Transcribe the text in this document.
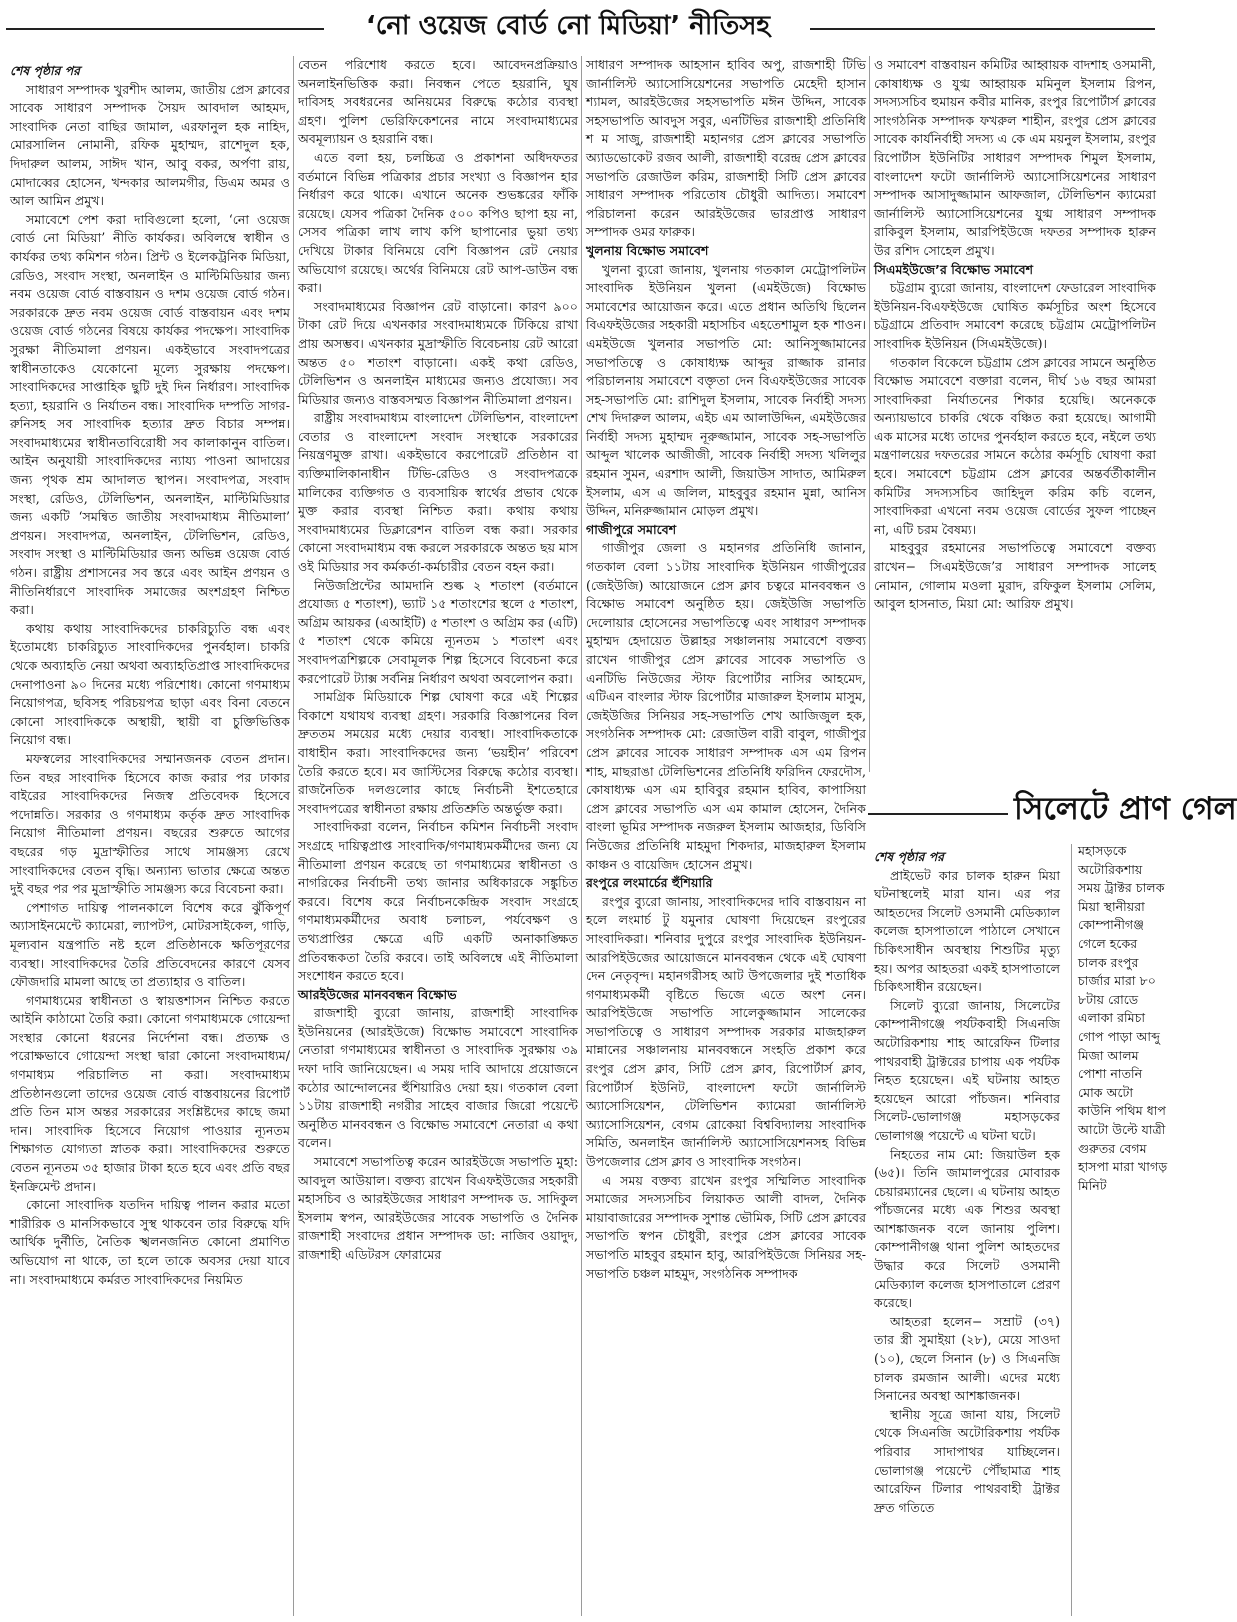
‘নো ওয়েজ বোর্ড নো মিডিয়া’ নীতিসহ

শেষ পৃষ্ঠার পর

সাধারণ সম্পাদক খুরশীদ আলম, জাতীয় প্রেস ক্লাবের সাবেক সাধারণ সম্পাদক সৈয়দ আবদাল আহমদ, সাংবাদিক নেতা বাছির জামাল, এরফানুল হক নাহিদ, মোরসালিন নোমানী, রফিক মুহাম্মদ, রাশেদুল হক, দিদারুল আলম, সাঈদ খান, আবু বকর, অর্পণা রায়, মোদাব্বের হোসেন, খন্দকার আলমগীর, ডিএম অমর ও আল আমিন প্রমুখ।

সমাবেশে পেশ করা দাবিগুলো হলো, ‘নো ওয়েজ বোর্ড নো মিডিয়া’ নীতি কার্যকর। অবিলম্বে স্বাধীন ও কার্যকর তথ্য কমিশন গঠন। প্রিন্ট ও ইলেকট্রনিক মিডিয়া, রেডিও, সংবাদ সংস্থা, অনলাইন ও মাল্টিমিডিয়ার জন্য নবম ওয়েজ বোর্ড বাস্তবায়ন ও দশম ওয়েজ বোর্ড গঠন। সরকারকে দ্রুত নবম ওয়েজ বোর্ড বাস্তবায়ন এবং দশম ওয়েজ বোর্ড গঠনের বিষয়ে কার্যকর পদক্ষেপ। সাংবাদিক সুরক্ষা নীতিমালা প্রণয়ন। একইভাবে সংবাদপত্রের স্বাধীনতাকেও যেকোনো মূল্যে সুরক্ষায় পদক্ষেপ। সাংবাদিকদের সাপ্তাহিক ছুটি দুই দিন নির্ধারণ। সাংবাদিক হত্যা, হয়রানি ও নির্যাতন বন্ধ। সাংবাদিক দম্পতি সাগর-রুনিসহ সব সাংবাদিক হত্যার দ্রুত বিচার সম্পন্ন। সংবাদমাধ্যমের স্বাধীনতাবিরোধী সব কালাকানুন বাতিল। আইন অনুযায়ী সাংবাদিকদের ন্যায্য পাওনা আদায়ের জন্য পৃথক শ্রম আদালত স্থাপন। সংবাদপত্র, সংবাদ সংস্থা, রেডিও, টেলিভিশন, অনলাইন, মাল্টিমিডিয়ার জন্য একটি ‘সমন্বিত জাতীয় সংবাদমাধ্যম নীতিমালা’ প্রণয়ন। সংবাদপত্র, অনলাইন, টেলিভিশন, রেডিও, সংবাদ সংস্থা ও মাল্টিমিডিয়ার জন্য অভিন্ন ওয়েজ বোর্ড গঠন। রাষ্ট্রীয় প্রশাসনের সব স্তরে এবং আইন প্রণয়ন ও নীতিনির্ধারণে সাংবাদিক সমাজের অংশগ্রহণ নিশ্চিত করা।

কথায় কথায় সাংবাদিকদের চাকরিচ্যুতি বন্ধ এবং ইতোমধ্যে চাকরিচ্যুত সাংবাদিকদের পুনর্বহাল। চাকরি থেকে অব্যাহতি নেয়া অথবা অব্যাহতিপ্রাপ্ত সাংবাদিকদের দেনাপাওনা ৯০ দিনের মধ্যে পরিশোধ। কোনো গণমাধ্যম নিয়োগপত্র, ছবিসহ পরিচয়পত্র ছাড়া এবং বিনা বেতনে কোনো সাংবাদিককে অস্থায়ী, স্থায়ী বা চুক্তিভিত্তিক নিয়োগ বন্ধ।

মফস্বলের সাংবাদিকদের সম্মানজনক বেতন প্রদান। তিন বছর সাংবাদিক হিসেবে কাজ করার পর ঢাকার বাইরের সাংবাদিকদের নিজস্ব প্রতিবেদক হিসেবে পদোন্নতি। সরকার ও গণমাধ্যম কর্তৃক দ্রুত সাংবাদিক নিয়োগ নীতিমালা প্রণয়ন। বছরের শুরুতে আগের বছরের গড় মুদ্রাস্ফীতির সাথে সামঞ্জস্য রেখে সাংবাদিকদের বেতন বৃদ্ধি। অন্যান্য ভাতার ক্ষেত্রে অন্তত দুই বছর পর পর মুদ্রাস্ফীতি সামঞ্জস্য করে বিবেচনা করা।

পেশাগত দায়িত্ব পালনকালে বিশেষ করে ঝুঁকিপূর্ণ অ্যাসাইনমেন্টে ক্যামেরা, ল্যাপটপ, মোটরসাইকেল, গাড়ি, মূল্যবান যন্ত্রপাতি নষ্ট হলে প্রতিষ্ঠানকে ক্ষতিপূরণের ব্যবস্থা। সাংবাদিকদের তৈরি প্রতিবেদনের কারণে যেসব ফৌজদারি মামলা আছে তা প্রত্যাহার ও বাতিল।

গণমাধ্যমের স্বাধীনতা ও স্বায়ত্তশাসন নিশ্চিত করতে আইনি কাঠামো তৈরি করা। কোনো গণমাধ্যমকে গোয়েন্দা সংস্থার কোনো ধরনের নির্দেশনা বন্ধ। প্রত্যক্ষ ও পরোক্ষভাবে গোয়েন্দা সংস্থা দ্বারা কোনো সংবাদমাধ্যম/গণমাধ্যম পরিচালিত না করা। সংবাদমাধ্যম প্রতিষ্ঠানগুলো তাদের ওয়েজ বোর্ড বাস্তবায়নের রিপোর্ট প্রতি তিন মাস অন্তর সরকারের সংশ্লিষ্টদের কাছে জমা দান। সাংবাদিক হিসেবে নিয়োগ পাওয়ার ন্যূনতম শিক্ষাগত যোগ্যতা স্নাতক করা। সাংবাদিকদের শুরুতে বেতন ন্যূনতম ৩৫ হাজার টাকা হতে হবে এবং প্রতি বছর ইনক্রিমেন্ট প্রদান।

কোনো সাংবাদিক যতদিন দায়িত্ব পালন করার মতো শারীরিক ও মানসিকভাবে সুস্থ থাকবেন তার বিরুদ্ধে যদি আর্থিক দুর্নীতি, নৈতিক স্খলনজনিত কোনো প্রমাণিত অভিযোগ না থাকে, তা হলে তাকে অবসর দেয়া যাবে না। সংবাদমাধ্যমে কর্মরত সাংবাদিকদের নিয়মিত

বেতন পরিশোধ করতে হবে। আবেদনপ্রক্রিয়াও অনলাইনভিত্তিক করা। নিবন্ধন পেতে হয়রানি, ঘুষ দাবিসহ সবধরনের অনিয়মের বিরুদ্ধে কঠোর ব্যবস্থা গ্রহণ। পুলিশ ভেরিফিকেশনের নামে সংবাদমাধ্যমের অবমূল্যায়ন ও হয়রানি বন্ধ।

এতে বলা হয়, চলচ্চিত্র ও প্রকাশনা অধিদফতর বর্তমানে বিভিন্ন পত্রিকার প্রচার সংখ্যা ও বিজ্ঞাপন হার নির্ধারণ করে থাকে। এখানে অনেক শুভঙ্করের ফাঁকি রয়েছে। যেসব পত্রিকা দৈনিক ৫০০ কপিও ছাপা হয় না, সেসব পত্রিকা লাখ লাখ কপি ছাপানোর ভুয়া তথ্য দেখিয়ে টাকার বিনিময়ে বেশি বিজ্ঞাপন রেট নেয়ার অভিযোগ রয়েছে। অর্থের বিনিময়ে রেট আপ-ডাউন বন্ধ করা।

সংবাদমাধ্যমের বিজ্ঞাপন রেট বাড়ানো। কারণ ৯০০ টাকা রেট দিয়ে এখনকার সংবাদমাধ্যমকে টিকিয়ে রাখা প্রায় অসম্ভব। এখনকার মুদ্রাস্ফীতি বিবেচনায় রেট আরো অন্তত ৫০ শতাংশ বাড়ানো। একই কথা রেডিও, টেলিভিশন ও অনলাইন মাধ্যমের জন্যও প্রযোজ্য। সব মিডিয়ার জন্যও বাস্তবসম্মত বিজ্ঞাপন নীতিমালা প্রণয়ন।

রাষ্ট্রীয় সংবাদমাধ্যম বাংলাদেশ টেলিভিশন, বাংলাদেশ বেতার ও বাংলাদেশ সংবাদ সংস্থাকে সরকারের নিয়ন্ত্রণমুক্ত রাখা। একইভাবে করপোরেট প্রতিষ্ঠান বা ব্যক্তিমালিকানাধীন টিভি-রেডিও ও সংবাদপত্রকে মালিকের ব্যক্তিগত ও ব্যবসায়িক স্বার্থের প্রভাব থেকে মুক্ত করার ব্যবস্থা নিশ্চিত করা। কথায় কথায় সংবাদমাধ্যমের ডিক্লারেশন বাতিল বন্ধ করা। সরকার কোনো সংবাদমাধ্যম বন্ধ করলে সরকারকে অন্তত ছয় মাস ওই মিডিয়ার সব কর্মকর্তা-কর্মচারীর বেতন বহন করা।

নিউজপ্রিন্টের আমদানি শুল্ক ২ শতাংশ (বর্তমানে প্রযোজ্য ৫ শতাংশ), ভ্যাট ১৫ শতাংশের স্থলে ৫ শতাংশ, অগ্রিম আয়কর (এআইটি) ৫ শতাংশ ও অগ্রিম কর (এটি) ৫ শতাংশ থেকে কমিয়ে ন্যূনতম ১ শতাংশ এবং সংবাদপত্রশিল্পকে সেবামূলক শিল্প হিসেবে বিবেচনা করে করপোরেট ট্যাক্স সর্বনিম্ন নির্ধারণ অথবা অবলোপন করা।

সামগ্রিক মিডিয়াকে শিল্প ঘোষণা করে এই শিল্পের বিকাশে যথাযথ ব্যবস্থা গ্রহণ। সরকারি বিজ্ঞাপনের বিল দ্রুততম সময়ের মধ্যে দেয়ার ব্যবস্থা। সাংবাদিকতাকে বাধাহীন করা। সাংবাদিকদের জন্য ‘ভয়হীন’ পরিবেশ তৈরি করতে হবে। মব জাস্টিসের বিরুদ্ধে কঠোর ব্যবস্থা। রাজনৈতিক দলগুলোর কাছে নির্বাচনী ইশতেহারে সংবাদপত্রের স্বাধীনতা রক্ষায় প্রতিশ্রুতি অন্তর্ভুক্ত করা।

সাংবাদিকরা বলেন, নির্বাচন কমিশন নির্বাচনী সংবাদ সংগ্রহে দায়িত্বপ্রাপ্ত সাংবাদিক/গণমাধ্যমকর্মীদের জন্য যে নীতিমালা প্রণয়ন করেছে তা গণমাধ্যমের স্বাধীনতা ও নাগরিকের নির্বাচনী তথ্য জানার অধিকারকে সঙ্কুচিত করবে। বিশেষ করে নির্বাচনকেন্দ্রিক সংবাদ সংগ্রহে গণমাধ্যমকর্মীদের অবাধ চলাচল, পর্যবেক্ষণ ও তথ্যপ্রাপ্তির ক্ষেত্রে এটি একটি অনাকাঙ্ক্ষিত প্রতিবন্ধকতা তৈরি করবে। তাই অবিলম্বে এই নীতিমালা সংশোধন করতে হবে।

আরইউজের মানববন্ধন বিক্ষোভ

রাজশাহী ব্যুরো জানায়, রাজশাহী সাংবাদিক ইউনিয়নের (আরইউজে) বিক্ষোভ সমাবেশে সাংবাদিক নেতারা গণমাধ্যমের স্বাধীনতা ও সাংবাদিক সুরক্ষায় ৩৯ দফা দাবি জানিয়েছেন। এ সময় দাবি আদায়ে প্রয়োজনে কঠোর আন্দোলনের হুঁশিয়ারিও দেয়া হয়। গতকাল বেলা ১১টায় রাজশাহী নগরীর সাহেব বাজার জিরো পয়েন্টে অনুষ্ঠিত মানববন্ধন ও বিক্ষোভ সমাবেশে নেতারা এ কথা বলেন।

সমাবেশে সভাপতিত্ব করেন আরইউজে সভাপতি মুহা: আবদুল আউয়াল। বক্তব্য রাখেন বিএফইউজের সহকারী মহাসচিব ও আরইউজের সাধারণ সম্পাদক ড. সাদিকুল ইসলাম স্বপন, আরইউজের সাবেক সভাপতি ও দৈনিক রাজশাহী সংবাদের প্রধান সম্পাদক ডা: নাজিব ওয়াদুদ, রাজশাহী এডিটরস ফোরামের

সাধারণ সম্পাদক আহসান হাবিব অপু, রাজশাহী টিভি জার্নালিস্ট অ্যাসোসিয়েশনের সভাপতি মেহেদী হাসান শ্যামল, আরইউজের সহসভাপতি মঈন উদ্দিন, সাবেক সহসভাপতি আবদুস সবুর, এনটিভির রাজশাহী প্রতিনিধি শ ম সাজু, রাজশাহী মহানগর প্রেস ক্লাবের সভাপতি অ্যাডভোকেট রজব আলী, রাজশাহী বরেন্দ্র প্রেস ক্লাবের সভাপতি রেজাউল করিম, রাজশাহী সিটি প্রেস ক্লাবের সাধারণ সম্পাদক পরিতোষ চৌধুরী আদিত্য। সমাবেশ পরিচালনা করেন আরইউজের ভারপ্রাপ্ত সাধারণ সম্পাদক ওমর ফারুক।

খুলনায় বিক্ষোভ সমাবেশ

খুলনা ব্যুরো জানায়, খুলনায় গতকাল মেট্রোপলিটন সাংবাদিক ইউনিয়ন খুলনা (এমইউজে) বিক্ষোভ সমাবেশের আয়োজন করে। এতে প্রধান অতিথি ছিলেন বিএফইউজের সহকারী মহাসচিব এহতেশামুল হক শাওন। এমইউজে খুলনার সভাপতি মো: আনিসুজ্জামানের সভাপতিত্বে ও কোষাধ্যক্ষ আব্দুর রাজ্জাক রানার পরিচালনায় সমাবেশে বক্তৃতা দেন বিএফইউজের সাবেক সহ-সভাপতি মো: রাশিদুল ইসলাম, সাবেক নির্বাহী সদস্য শেখ দিদারুল আলম, এইচ এম আলাউদ্দিন, এমইউজের নির্বাহী সদস্য মুহাম্মদ নূরুজ্জামান, সাবেক সহ-সভাপতি আব্দুল খালেক আজীজী, সাবেক নির্বাহী সদস্য খলিলুর রহমান সুমন, এরশাদ আলী, জিয়াউস সাদাত, আমিরুল ইসলাম, এস এ জলিল, মাহবুবুর রহমান মুন্না, আনিস উদ্দিন, মনিরুজ্জামান মোড়ল প্রমুখ।

গাজীপুরে সমাবেশ

গাজীপুর জেলা ও মহানগর প্রতিনিধি জানান, গতকাল বেলা ১১টায় সাংবাদিক ইউনিয়ন গাজীপুরের (জেইউজি) আয়োজনে প্রেস ক্লাব চত্বরে মানববন্ধন ও বিক্ষোভ সমাবেশ অনুষ্ঠিত হয়। জেইউজি সভাপতি দেলোয়ার হোসেনের সভাপতিত্বে এবং সাধারণ সম্পাদক মুহাম্মদ হেদায়েত উল্লাহর সঞ্চালনায় সমাবেশে বক্তব্য রাখেন গাজীপুর প্রেস ক্লাবের সাবেক সভাপতি ও এনটিভি নিউজের স্টাফ রিপোর্টার নাসির আহমেদ, এটিএন বাংলার স্টাফ রিপোর্টার মাজারুল ইসলাম মাসুম, জেইউজির সিনিয়র সহ-সভাপতি শেখ আজিজুল হক, সংগঠনিক সম্পাদক মো: রেজাউল বারী বাবুল, গাজীপুর প্রেস ক্লাবের সাবেক সাধারণ সম্পাদক এস এম রিপন শাহ, মাছরাঙা টেলিভিশনের প্রতিনিধি ফরিদিন ফেরদৌস, কোষাধ্যক্ষ এস এম হাবিবুর রহমান হাবিব, কাপাসিয়া প্রেস ক্লাবের সভাপতি এস এম কামাল হোসেন, দৈনিক বাংলা ভূমির সম্পাদক নজরুল ইসলাম আজহার, ডিবিসি নিউজের প্রতিনিধি মাহমুদা শিকদার, মাজহারুল ইসলাম কাঞ্চন ও বায়েজিদ হোসেন প্রমুখ।

রংপুরে লংমার্চের হুঁশিয়ারি

রংপুর ব্যুরো জানায়, সাংবাদিকদের দাবি বাস্তবায়ন না হলে লংমার্চ টু যমুনার ঘোষণা দিয়েছেন রংপুরের সাংবাদিকরা। শনিবার দুপুরে রংপুর সাংবাদিক ইউনিয়ন-আরপিইউজের আয়োজনে মানববন্ধন থেকে এই ঘোষণা দেন নেতৃবৃন্দ। মহানগরীসহ আট উপজেলার দুই শতাধিক গণমাধ্যমকর্মী বৃষ্টিতে ভিজে এতে অংশ নেন। আরপিইউজে সভাপতি সালেকুজ্জামান সালেকের সভাপতিত্বে ও সাধারণ সম্পাদক সরকার মাজহারুল মান্নানের সঞ্চালনায় মানববন্ধনে সংহতি প্রকাশ করে রংপুর প্রেস ক্লাব, সিটি প্রেস ক্লাব, রিপোর্টার্স ক্লাব, রিপোর্টার্স ইউনিট, বাংলাদেশ ফটো জার্নালিস্ট অ্যাসোসিয়েশন, টেলিভিশন ক্যামেরা জার্নালিস্ট অ্যাসোসিয়েশন, বেগম রোকেয়া বিশ্ববিদ্যালয় সাংবাদিক সমিতি, অনলাইন জার্নালিস্ট অ্যাসোসিয়েশনসহ বিভিন্ন উপজেলার প্রেস ক্লাব ও সাংবাদিক সংগঠন।

এ সময় বক্তব্য রাখেন রংপুর সম্মিলিত সাংবাদিক সমাজের সদস্যসচিব লিয়াকত আলী বাদল, দৈনিক মায়াবাজারের সম্পাদক সুশান্ত ভৌমিক, সিটি প্রেস ক্লাবের সভাপতি স্বপন চৌধুরী, রংপুর প্রেস ক্লাবের সাবেক সভাপতি মাহবুব রহমান হাবু, আরপিইউজে সিনিয়র সহ-সভাপতি চঞ্চল মাহমুদ, সংগঠনিক সম্পাদক

ও সমাবেশ বাস্তবায়ন কমিটির আহ্বায়ক বাদশাহ ওসমানী, কোষাধ্যক্ষ ও যুগ্ম আহ্বায়ক মমিনুল ইসলাম রিপন, সদস্যসচিব হুমায়ন কবীর মানিক, রংপুর রিপোর্টার্স ক্লাবের সাংগঠনিক সম্পাদক ফখরুল শাহীন, রংপুর প্রেস ক্লাবের সাবেক কার্যনির্বাহী সদস্য এ কে এম ময়নুল ইসলাম, রংপুর রিপোর্টাস ইউনিটির সাধারণ সম্পাদক শিমুল ইসলাম, বাংলাদেশ ফটো জার্নালিস্ট অ্যাসোসিয়েশনের সাধারণ সম্পাদক আসাদুজ্জামান আফজাল, টেলিভিশন ক্যামেরা জার্নালিস্ট অ্যাসোসিয়েশনের যুগ্ম সাধারণ সম্পাদক রাকিবুল ইসলাম, আরপিইউজে দফতর সম্পাদক হারুন উর রশিদ সোহেল প্রমুখ।

সিএমইউজে’র বিক্ষোভ সমাবেশ

চট্টগ্রাম ব্যুরো জানায়, বাংলাদেশ ফেডারেল সাংবাদিক ইউনিয়ন-বিএফইউজে ঘোষিত কর্মসূচির অংশ হিসেবে চট্টগ্রামে প্রতিবাদ সমাবেশ করেছে চট্টগ্রাম মেট্রোপলিটন সাংবাদিক ইউনিয়ন (সিএমইউজে)।

গতকাল বিকেলে চট্টগ্রাম প্রেস ক্লাবের সামনে অনুষ্ঠিত বিক্ষোভ সমাবেশে বক্তারা বলেন, দীর্ঘ ১৬ বছর আমরা সাংবাদিকরা নির্যাতনের শিকার হয়েছি। অনেককে অন্যায়ভাবে চাকরি থেকে বঞ্চিত করা হয়েছে। আগামী এক মাসের মধ্যে তাদের পুনর্বহাল করতে হবে, নইলে তথ্য মন্ত্রণালয়ের দফতরের সামনে কঠোর কর্মসূচি ঘোষণা করা হবে। সমাবেশে চট্টগ্রাম প্রেস ক্লাবের অন্তর্বর্তীকালীন কমিটির সদস্যসচিব জাহিদুল করিম কচি বলেন, সাংবাদিকরা এখনো নবম ওয়েজ বোর্ডের সুফল পাচ্ছেন না, এটি চরম বৈষম্য।

মাহবুবুর রহমানের সভাপতিত্বে সমাবেশে বক্তব্য রাখেন− সিএমইউজে’র সাধারণ সম্পাদক সালেহ নোমান, গোলাম মওলা মুরাদ, রফিকুল ইসলাম সেলিম, আবুল হাসনাত, মিয়া মো: আরিফ প্রমুখ।

সিলেটে প্রাণ গেল

শেষ পৃষ্ঠার পর

প্রাইভেট কার চালক হারুন মিয়া ঘটনাস্থলেই মারা যান। এর পর আহতদের সিলেট ওসমানী মেডিক্যাল কলেজ হাসপাতালে পাঠালে সেখানে চিকিৎসাধীন অবস্থায় শিশুটির মৃত্যু হয়। অপর আহতরা একই হাসপাতালে চিকিৎসাধীন রয়েছেন।

সিলেট ব্যুরো জানায়, সিলেটের কোম্পানীগঞ্জে পর্যটকবাহী সিএনজি অটোরিকশায় শাহ আরেফিন টিলার পাথরবাহী ট্রাক্টরের চাপায় এক পর্যটক নিহত হয়েছেন। এই ঘটনায় আহত হয়েছেন আরো পাঁচজন। শনিবার সিলেট-ভোলাগঞ্জ মহাসড়কের ভোলাগঞ্জ পয়েন্টে এ ঘটনা ঘটে।

নিহতের নাম মো: জিয়াউল হক (৬৫)। তিনি জামালপুরের মোবারক চেয়ারম্যানের ছেলে। এ ঘটনায় আহত পাঁচজনের মধ্যে এক শিশুর অবস্থা আশঙ্কাজনক বলে জানায় পুলিশ। কোম্পানীগঞ্জ থানা পুলিশ আহতদের উদ্ধার করে সিলেট ওসমানী মেডিক্যাল কলেজ হাসপাতালে প্রেরণ করেছে।

আহতরা হলেন− সম্রাট (৩৭) তার স্ত্রী সুমাইয়া (২৮), মেয়ে সাওদা (১০), ছেলে সিনান (৮) ও সিএনজি চালক রমজান আলী। এদের মধ্যে সিনানের অবস্থা আশঙ্কাজনক।

স্থানীয় সূত্রে জানা যায়, সিলেট থেকে সিএনজি অটোরিকশায় পর্যটক পরিবার সাদাপাথর যাচ্ছিলেন। ভোলাগঞ্জ পয়েন্টে পৌঁছামাত্র শাহ আরেফিন টিলার পাথরবাহী ট্রাক্টর দ্রুত গতিতে

মহাসড়কে অটোরিকশায় সময় ট্রাক্টর চালক মিয়া স্থানীয়রা কোম্পানীগঞ্জ গেলে হকের চালক রংপুর চার্জার মারা ৮০ ৮টায় রোডে এলাকা রমিচা গোপ পাড়া আব্দু মিজা আলম পোশা নাতনি মোক অটো কাউনি পথিম ধাপ আটো উল্টে যাত্রী গুরুতর বেগম হাসপা মারা খাগড় মিনিট
